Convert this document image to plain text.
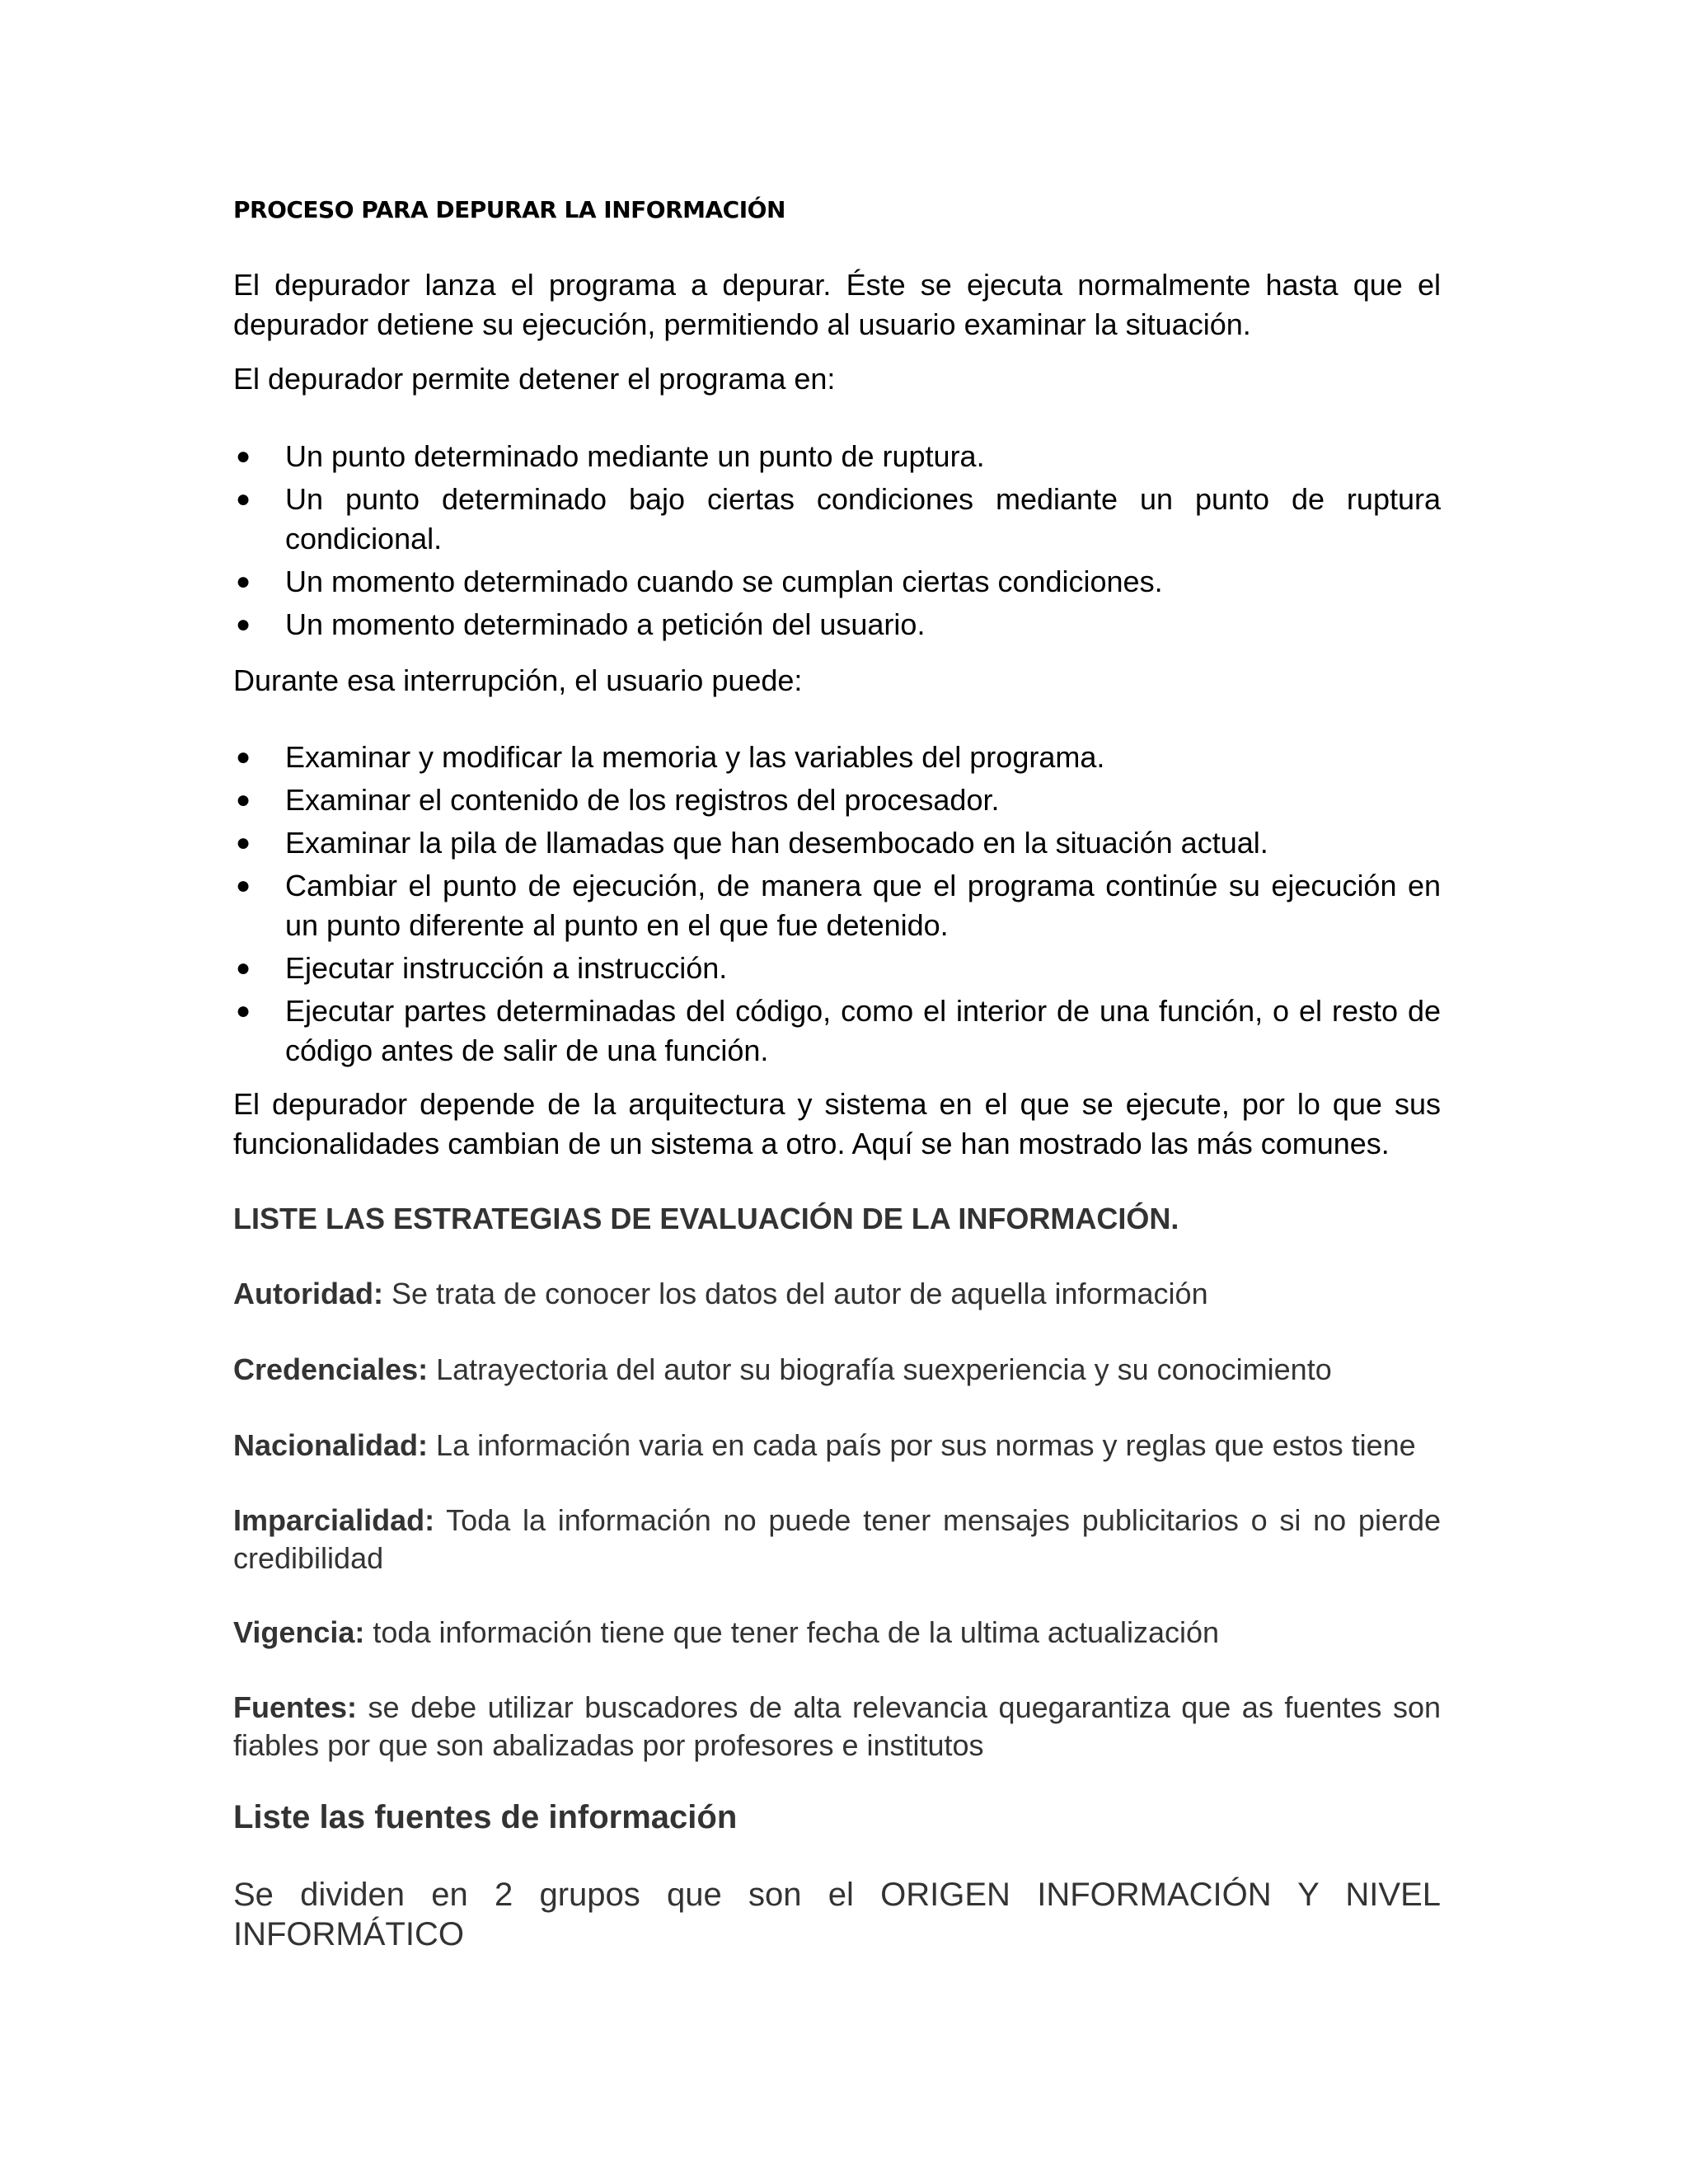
PROCESO PARA DEPURAR LA INFORMACIÓN

El depurador lanza el programa a depurar. Éste se ejecuta normalmente hasta que el depurador detiene su ejecución, permitiendo al usuario examinar la situación.

El depurador permite detener el programa en:

● Un punto determinado mediante un punto de ruptura.
● Un punto determinado bajo ciertas condiciones mediante un punto de ruptura condicional.
● Un momento determinado cuando se cumplan ciertas condiciones.
● Un momento determinado a petición del usuario.

Durante esa interrupción, el usuario puede:

● Examinar y modificar la memoria y las variables del programa.
● Examinar el contenido de los registros del procesador.
● Examinar la pila de llamadas que han desembocado en la situación actual.
● Cambiar el punto de ejecución, de manera que el programa continúe su ejecución en un punto diferente al punto en el que fue detenido.
● Ejecutar instrucción a instrucción.
● Ejecutar partes determinadas del código, como el interior de una función, o el resto de código antes de salir de una función.

El depurador depende de la arquitectura y sistema en el que se ejecute, por lo que sus funcionalidades cambian de un sistema a otro. Aquí se han mostrado las más comunes.

LISTE LAS ESTRATEGIAS DE EVALUACIÓN DE LA INFORMACIÓN.

Autoridad: Se trata de conocer los datos del autor de aquella información

Credenciales: Latrayectoria del autor su biografía suexperiencia y su conocimiento

Nacionalidad: La información varia en cada país por sus normas y reglas que estos tiene

Imparcialidad: Toda la información no puede tener mensajes publicitarios o si no pierde credibilidad

Vigencia: toda información tiene que tener fecha de la ultima actualización

Fuentes: se debe utilizar buscadores de alta relevancia quegarantiza que as fuentes son fiables por que son abalizadas por profesores e institutos

Liste las fuentes de información

Se dividen en 2 grupos que son el ORIGEN INFORMACIÓN Y NIVEL
INFORMÁTICO
